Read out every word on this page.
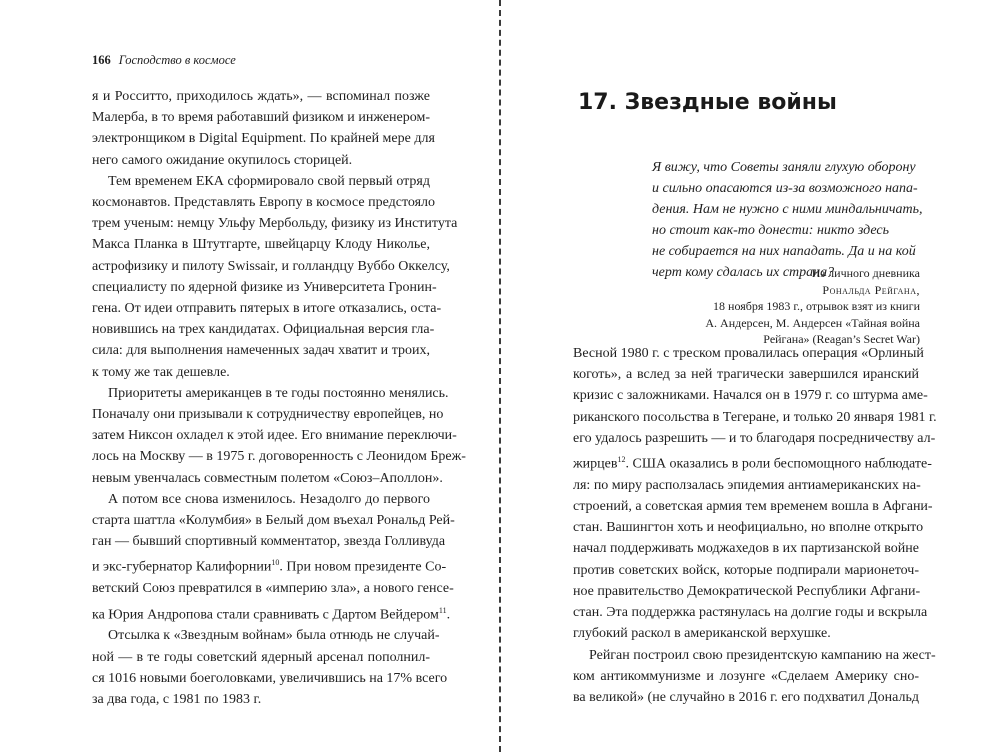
166 Господство в космосе
я и Росситто, приходилось ждать», — вспоминал позже
Малерба, в то время работавший физиком и инженером-
электронщиком в Digital Equipment. По крайней мере для
него самого ожидание окупилось сторицей.
Тем временем ЕКА сформировало свой первый отряд
космонавтов. Представлять Европу в космосе предстояло
трем ученым: немцу Ульфу Мербольду, физику из Института
Макса Планка в Штутгарте, швейцарцу Клоду Николье,
астрофизику и пилоту Swissair, и голландцу Вуббо Оккелсу,
специалисту по ядерной физике из Университета Гронин-
гена. От идеи отправить пятерых в итоге отказались, оста-
новившись на трех кандидатах. Официальная версия гла-
сила: для выполнения намеченных задач хватит и троих,
к тому же так дешевле.
Приоритеты американцев в те годы постоянно менялись.
Поначалу они призывали к сотрудничеству европейцев, но
затем Никсон охладел к этой идее. Его внимание переключи-
лось на Москву — в 1975 г. договоренность с Леонидом Бреж-
невым увенчалась совместным полетом «Союз–Аполлон».
А потом все снова изменилось. Незадолго до первого
старта шаттла «Колумбия» в Белый дом въехал Рональд Рей-
ган — бывший спортивный комментатор, звезда Голливуда
и экс-губернатор Калифорнии$^{10}$. При новом президенте Со-
ветский Союз превратился в «империю зла», а нового генсе-
ка Юрия Андропова стали сравнивать с Дартом Вейдером$^{11}$.
Отсылка к «Звездным войнам» была отнюдь не случай-
ной — в те годы советский ядерный арсенал пополнил-
ся 1016 новыми боеголовками, увеличившись на 17% всего
за два года, с 1981 по 1983 г.
17. Звездные войны
Я вижу, что Советы заняли глухую оборону
и сильно опасаются из-за возможного напа-
дения. Нам не нужно с ними миндальничать,
но стоит как-то донести: никто здесь
не собирается на них нападать. Да и на кой
черт кому сдалась их страна?
Из личного дневника
Рональда Рейгана,
18 ноября 1983 г., отрывок взят из книги
А. Андерсен, М. Андерсен «Тайная война
Рейгана» (Reagan’s Secret War)
Весной 1980 г. с треском провалилась операция «Орлиный
коготь», а вслед за ней трагически завершился иранский
кризис с заложниками. Начался он в 1979 г. со штурма аме-
риканского посольства в Тегеране, и только 20 января 1981 г.
его удалось разрешить — и то благодаря посредничеству ал-
жирцев$^{12}$. США оказались в роли беспомощного наблюдате-
ля: по миру расползалась эпидемия антиамериканских на-
строений, а советская армия тем временем вошла в Афгани-
стан. Вашингтон хоть и неофициально, но вполне открыто
начал поддерживать моджахедов в их партизанской войне
против советских войск, которые подпирали марионеточ-
ное правительство Демократической Республики Афгани-
стан. Эта поддержка растянулась на долгие годы и вскрыла
глубокий раскол в американской верхушке.
Рейган построил свою президентскую кампанию на жест-
ком антикоммунизме и лозунге «Сделаем Америку сно-
ва великой» (не случайно в 2016 г. его подхватил Дональд
